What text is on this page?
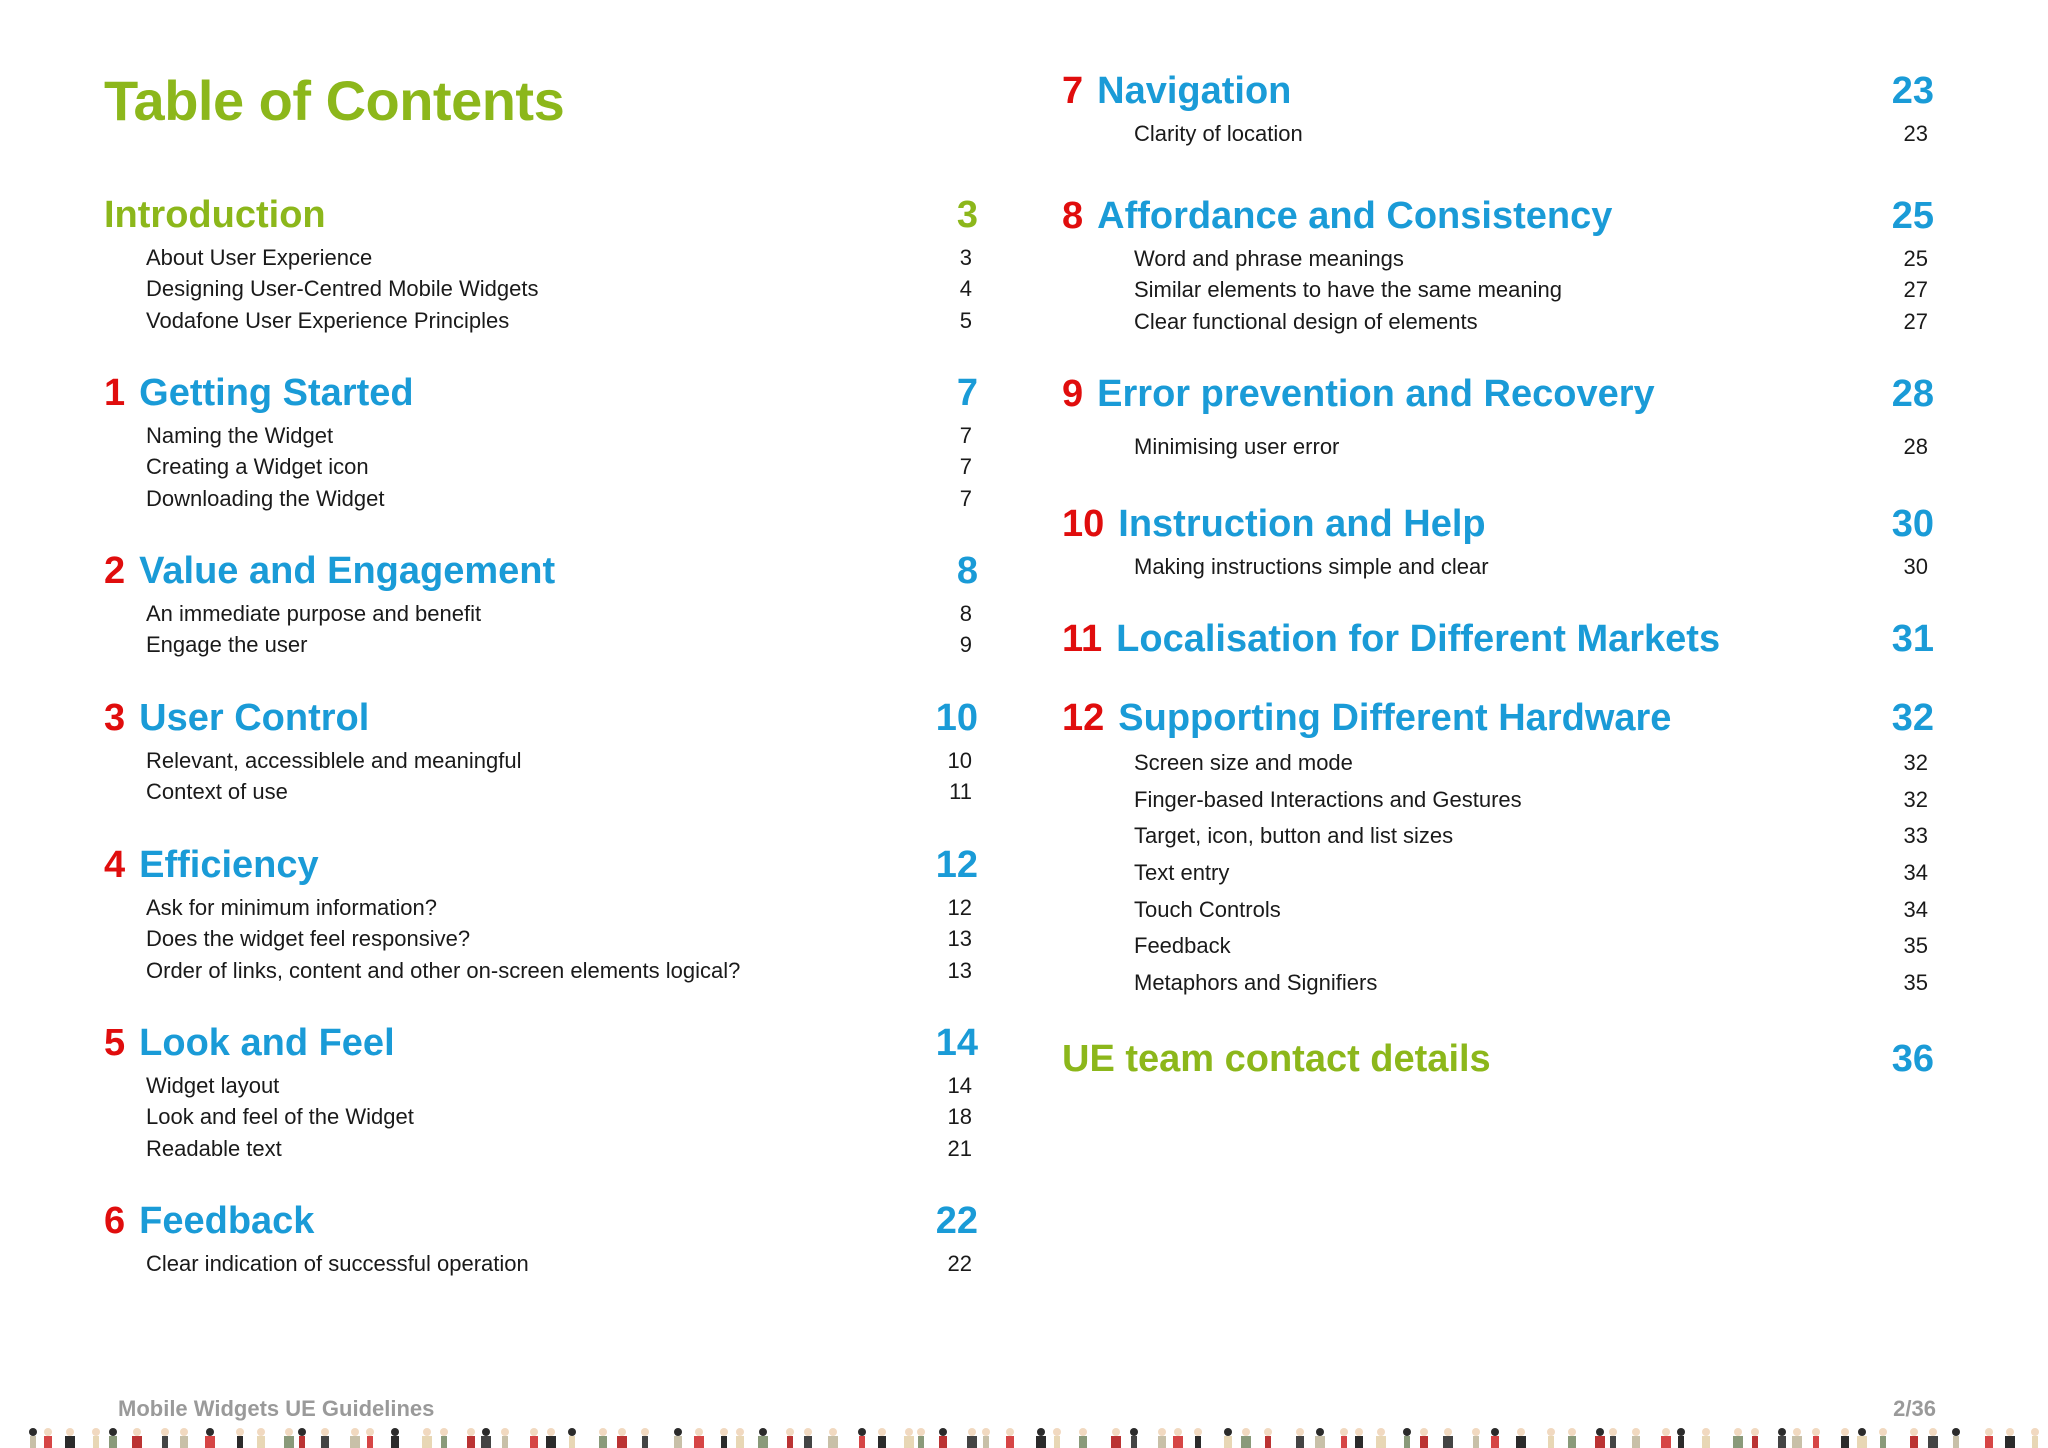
Table of Contents
Introduction	3
About User Experience	3
Designing User-Centred Mobile Widgets	4
Vodafone User Experience Principles	5
1 Getting Started	7
Naming the Widget	7
Creating a Widget icon	7
Downloading the Widget	7
2 Value and Engagement	8
An immediate purpose and benefit	8
Engage the user	9
3 User Control	10
Relevant, accessiblele and meaningful	10
Context of use	11
4 Efficiency	12
Ask for minimum information?	12
Does the widget feel responsive?	13
Order of links, content and other on-screen elements logical?	13
5 Look and Feel	14
Widget layout	14
Look and feel of the Widget	18
Readable text	21
6 Feedback	22
Clear indication of successful operation	22
7 Navigation	23
Clarity of location	23
8 Affordance and Consistency	25
Word and phrase meanings	25
Similar elements to have the same meaning	27
Clear functional design of elements	27
9 Error prevention and Recovery	28
Minimising user error	28
10 Instruction and Help	30
Making instructions simple and clear	30
11 Localisation for Different Markets	31
12 Supporting Different Hardware	32
Screen size and mode	32
Finger-based Interactions and Gestures	32
Target, icon, button and list sizes	33
Text entry	34
Touch Controls	34
Feedback	35
Metaphors and Signifiers	35
UE team contact details	36
Mobile Widgets UE Guidelines	2/36
